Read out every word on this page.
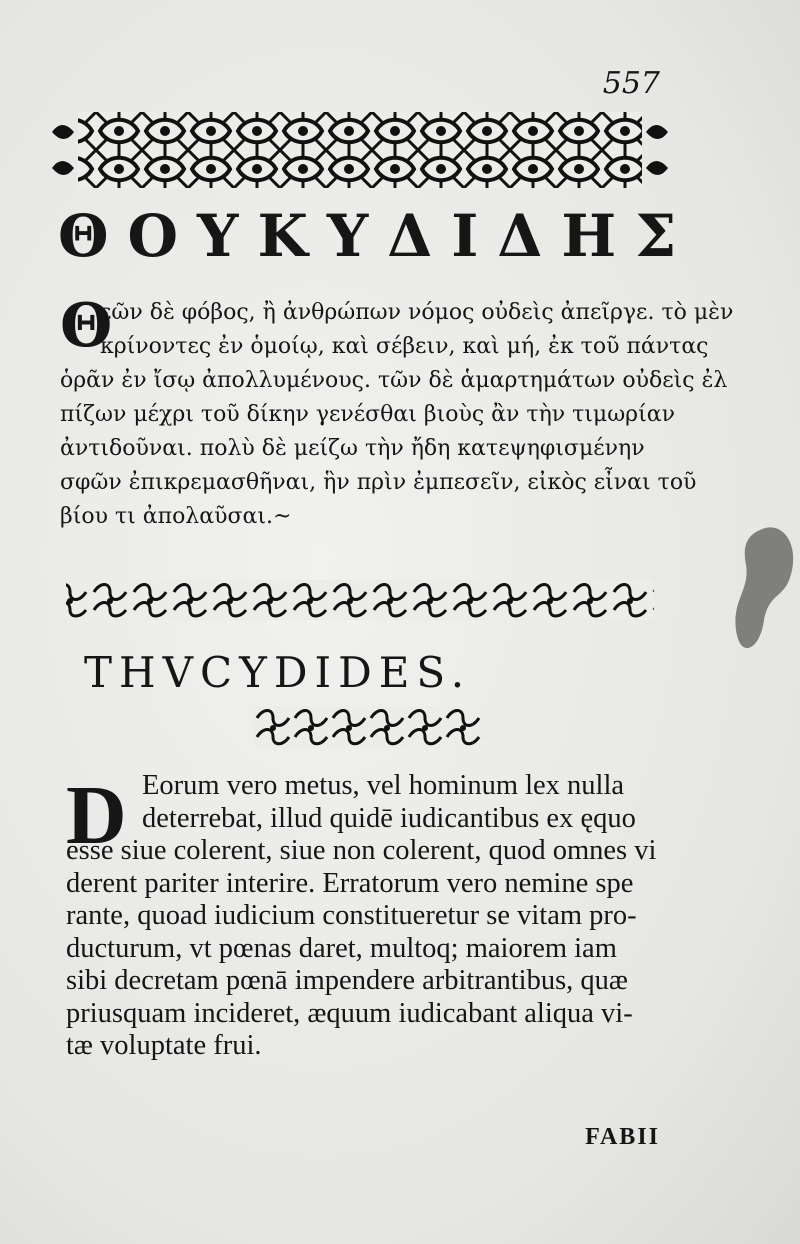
557
ΘΟΥΚΥΔΙΔΗΣ
Θ
εῶν δὲ φόβος, ἢ ἀνθρώπων νόμος οὐδεὶς ἀπεῖργε. τὸ μὲν
κρίνοντες ἐν ὁμοίῳ, καὶ σέβειν, καὶ μή, ἐκ τοῦ πάντας
ὁρᾶν ἐν ἴσῳ ἀπολλυμένους. τῶν δὲ ἁμαρτημάτων οὐδεὶς ἐλ
πίζων μέχρι τοῦ δίκην γενέσθαι βιοὺς ἂν τὴν τιμωρίαν
ἀντιδοῦναι. πολὺ δὲ μείζω τὴν ἤδη κατεψηφισμένην
σφῶν ἐπικρεμασθῆναι, ἣν πρὶν ἐμπεσεῖν, εἰκὸς εἶναι τοῦ
βίου τι ἀπολαῦσαι.~
THVCYDIDES.
D Eorum vero metus, vel hominum lex nulla
deterrebat, illud quidē iudicantibus ex ęquo
esse siue colerent, siue non colerent, quod omnes vi
derent pariter interire. Erratorum vero nemine spe
rante, quoad iudicium constitueretur se vitam pro-
ducturum, vt pœnas daret, multoq; maiorem iam
sibi decretam pœnā impendere arbitrantibus, quæ
priusquam incideret, æquum iudicabant aliqua vi-
tæ voluptate frui.
FABII
